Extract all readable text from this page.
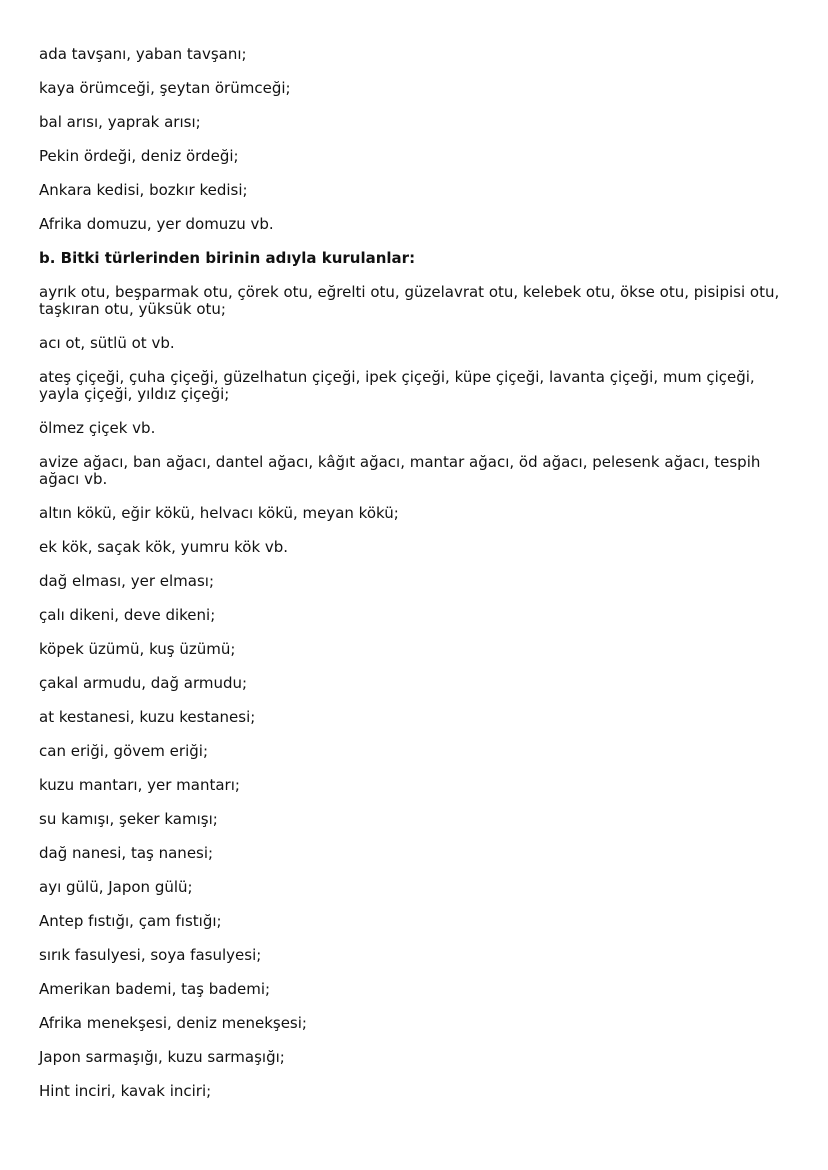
ada tavşanı, yaban tavşanı;

kaya örümceği, şeytan örümceği;

bal arısı, yaprak arısı;

Pekin ördeği, deniz ördeği;

Ankara kedisi, bozkır kedisi;

Afrika domuzu, yer domuzu vb.

b. Bitki türlerinden birinin adıyla kurulanlar:

ayrık otu, beşparmak otu, çörek otu, eğrelti otu, güzelavrat otu, kelebek otu, ökse otu, pisipisi otu, taşkıran otu, yüksük otu;

acı ot, sütlü ot vb.

ateş çiçeği, çuha çiçeği, güzelhatun çiçeği, ipek çiçeği, küpe çiçeği, lavanta çiçeği, mum çiçeği, yayla çiçeği, yıldız çiçeği;

ölmez çiçek vb.

avize ağacı, ban ağacı, dantel ağacı, kâğıt ağacı, mantar ağacı, öd ağacı, pelesenk ağacı, tespih ağacı vb.

altın kökü, eğir kökü, helvacı kökü, meyan kökü;

ek kök, saçak kök, yumru kök vb.

dağ elması, yer elması;

çalı dikeni, deve dikeni;

köpek üzümü, kuş üzümü;

çakal armudu, dağ armudu;

at kestanesi, kuzu kestanesi;

can eriği, gövem eriği;

kuzu mantarı, yer mantarı;

su kamışı, şeker kamışı;

dağ nanesi, taş nanesi;

ayı gülü, Japon gülü;

Antep fıstığı, çam fıstığı;

sırık fasulyesi, soya fasulyesi;

Amerikan bademi, taş bademi;

Afrika menekşesi, deniz menekşesi;

Japon sarmaşığı, kuzu sarmaşığı;

Hint inciri, kavak inciri;
